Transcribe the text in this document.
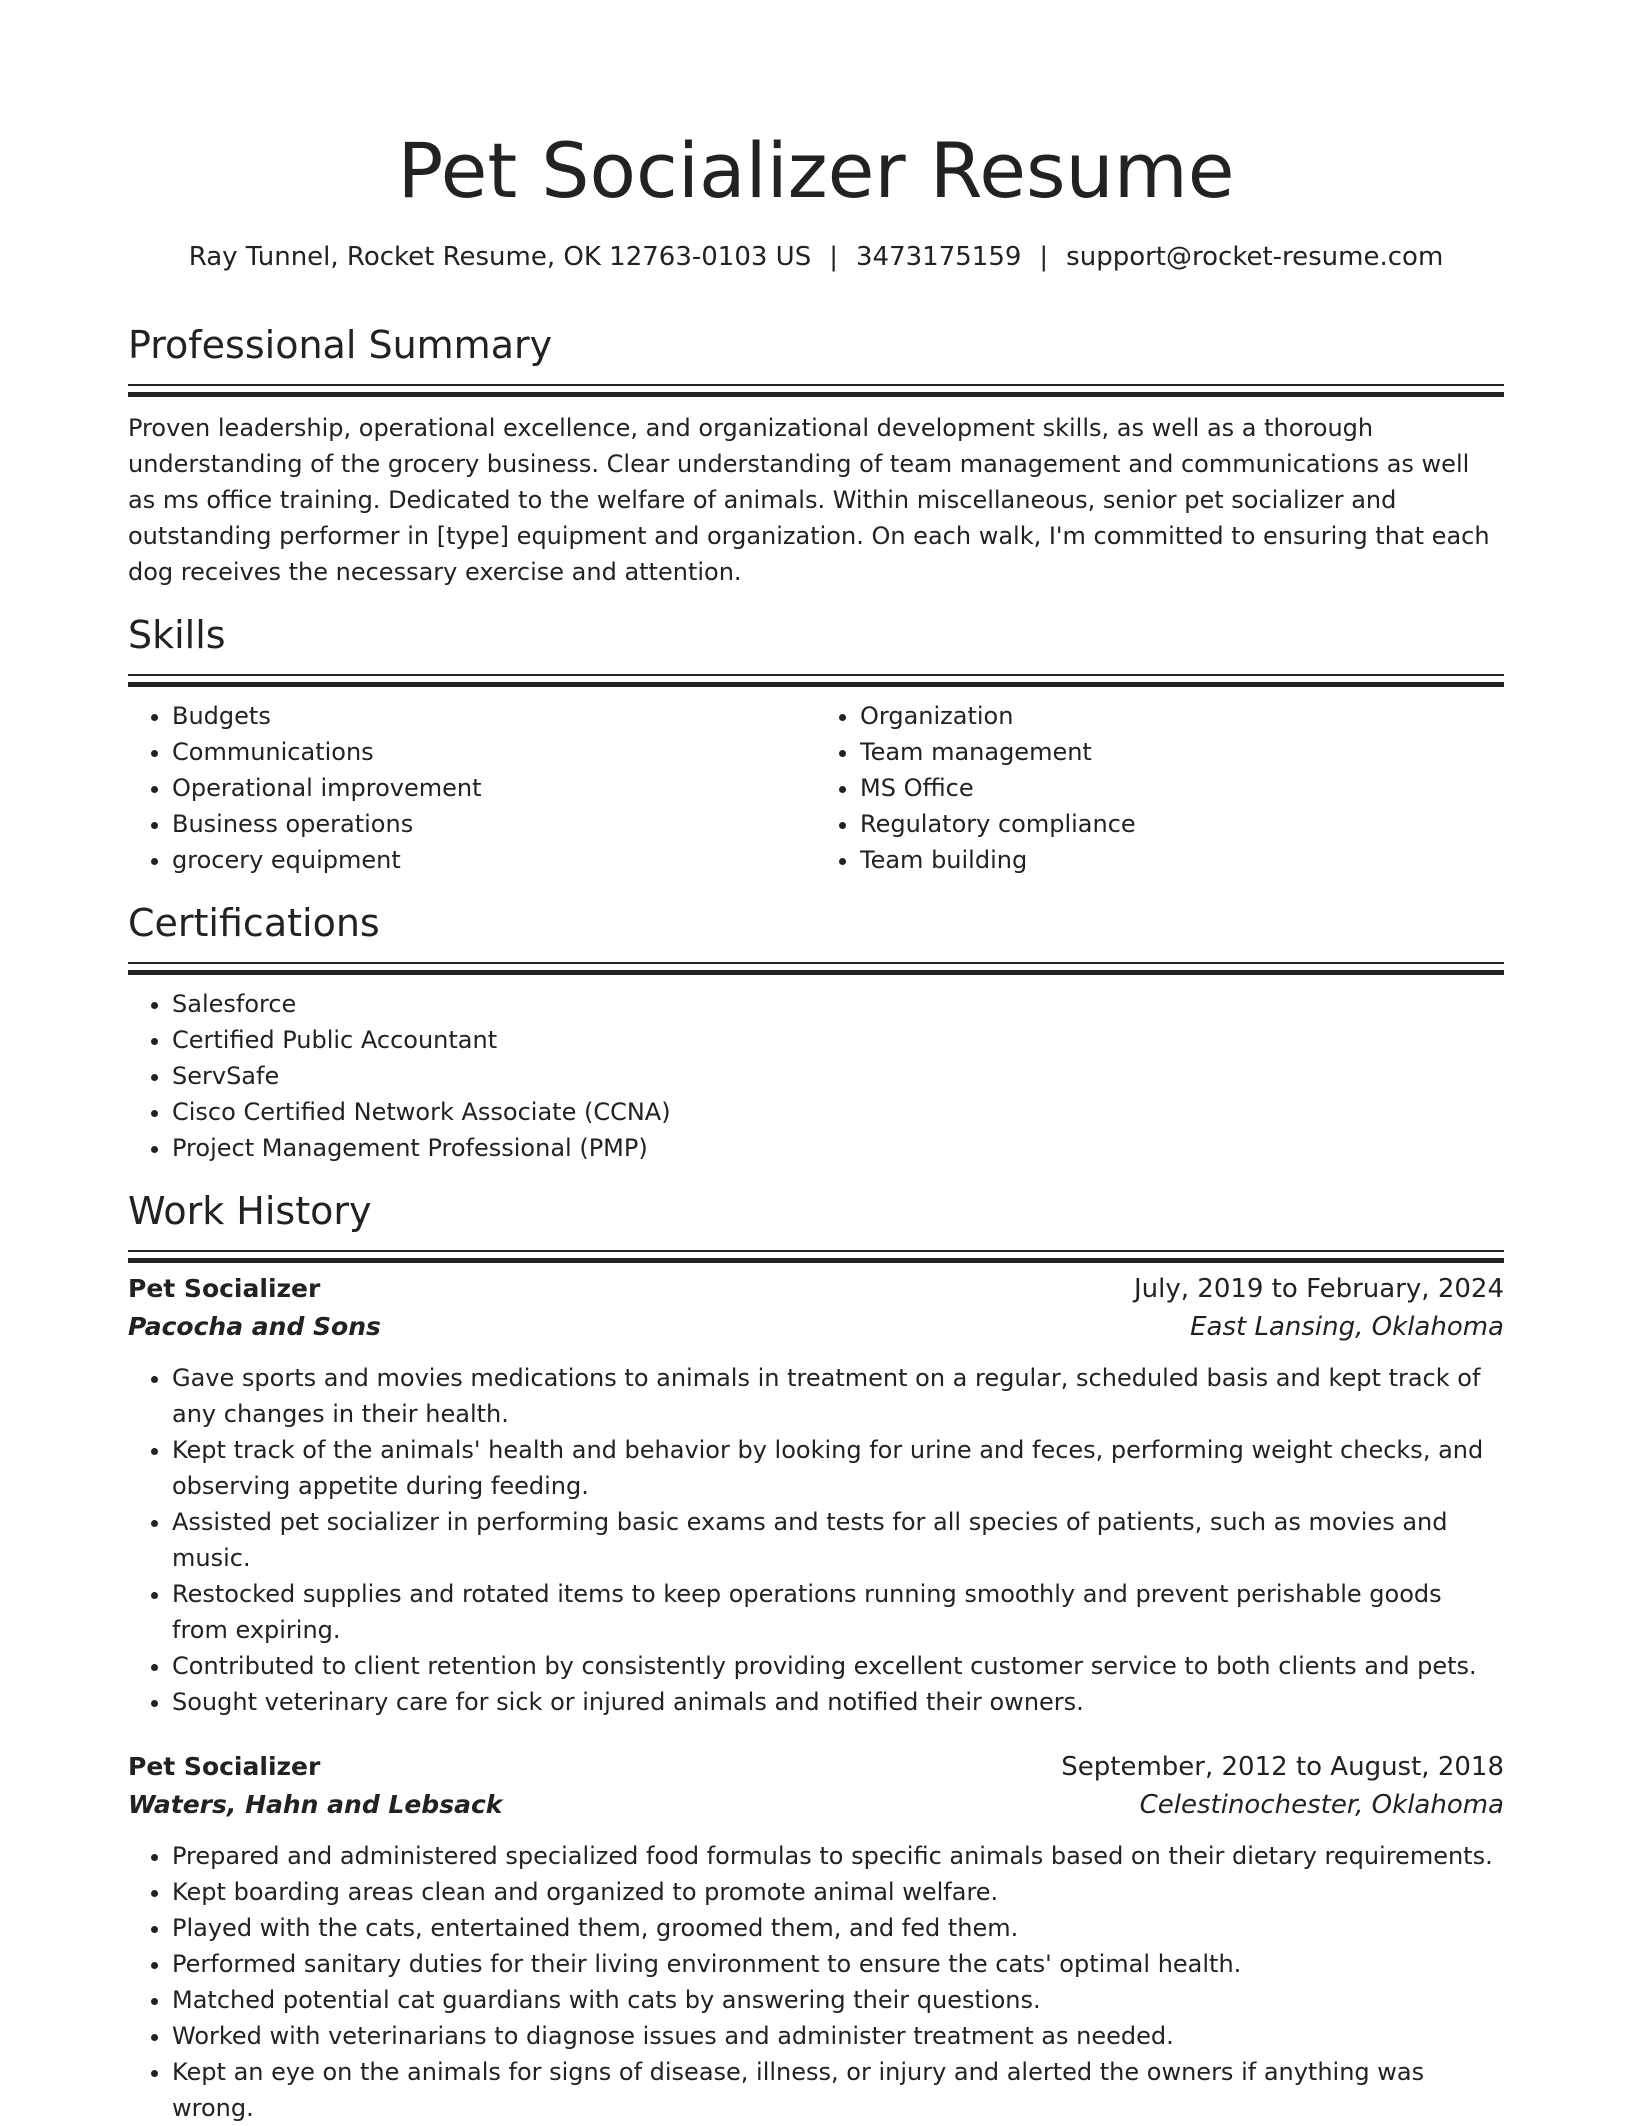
Pet Socializer Resume
Ray Tunnel, Rocket Resume, OK 12763-0103 US | 3473175159 | support@rocket-resume.com
Professional Summary

Proven leadership, operational excellence, and organizational development skills, as well as a thorough understanding of the grocery business. Clear understanding of team management and communications as well as ms office training. Dedicated to the welfare of animals. Within miscellaneous, senior pet socializer and outstanding performer in [type] equipment and organization. On each walk, I'm committed to ensuring that each dog receives the necessary exercise and attention.

Skills
• Budgets
• Communications
• Operational improvement
• Business operations
• grocery equipment
• Organization
• Team management
• MS Office
• Regulatory compliance
• Team building
Certifications
• Salesforce
• Certified Public Accountant
• ServSafe
• Cisco Certified Network Associate (CCNA)
• Project Management Professional (PMP)
Work History
Pet Socializer	July, 2019 to February, 2024
Pacocha and Sons	East Lansing, Oklahoma
• Gave sports and movies medications to animals in treatment on a regular, scheduled basis and kept track of any changes in their health.
• Kept track of the animals' health and behavior by looking for urine and feces, performing weight checks, and observing appetite during feeding.
• Assisted pet socializer in performing basic exams and tests for all species of patients, such as movies and music.
• Restocked supplies and rotated items to keep operations running smoothly and prevent perishable goods from expiring.
• Contributed to client retention by consistently providing excellent customer service to both clients and pets.
• Sought veterinary care for sick or injured animals and notified their owners.
Pet Socializer	September, 2012 to August, 2018
Waters, Hahn and Lebsack	Celestinochester, Oklahoma
• Prepared and administered specialized food formulas to specific animals based on their dietary requirements.
• Kept boarding areas clean and organized to promote animal welfare.
• Played with the cats, entertained them, groomed them, and fed them.
• Performed sanitary duties for their living environment to ensure the cats' optimal health.
• Matched potential cat guardians with cats by answering their questions.
• Worked with veterinarians to diagnose issues and administer treatment as needed.
• Kept an eye on the animals for signs of disease, illness, or injury and alerted the owners if anything was wrong.
